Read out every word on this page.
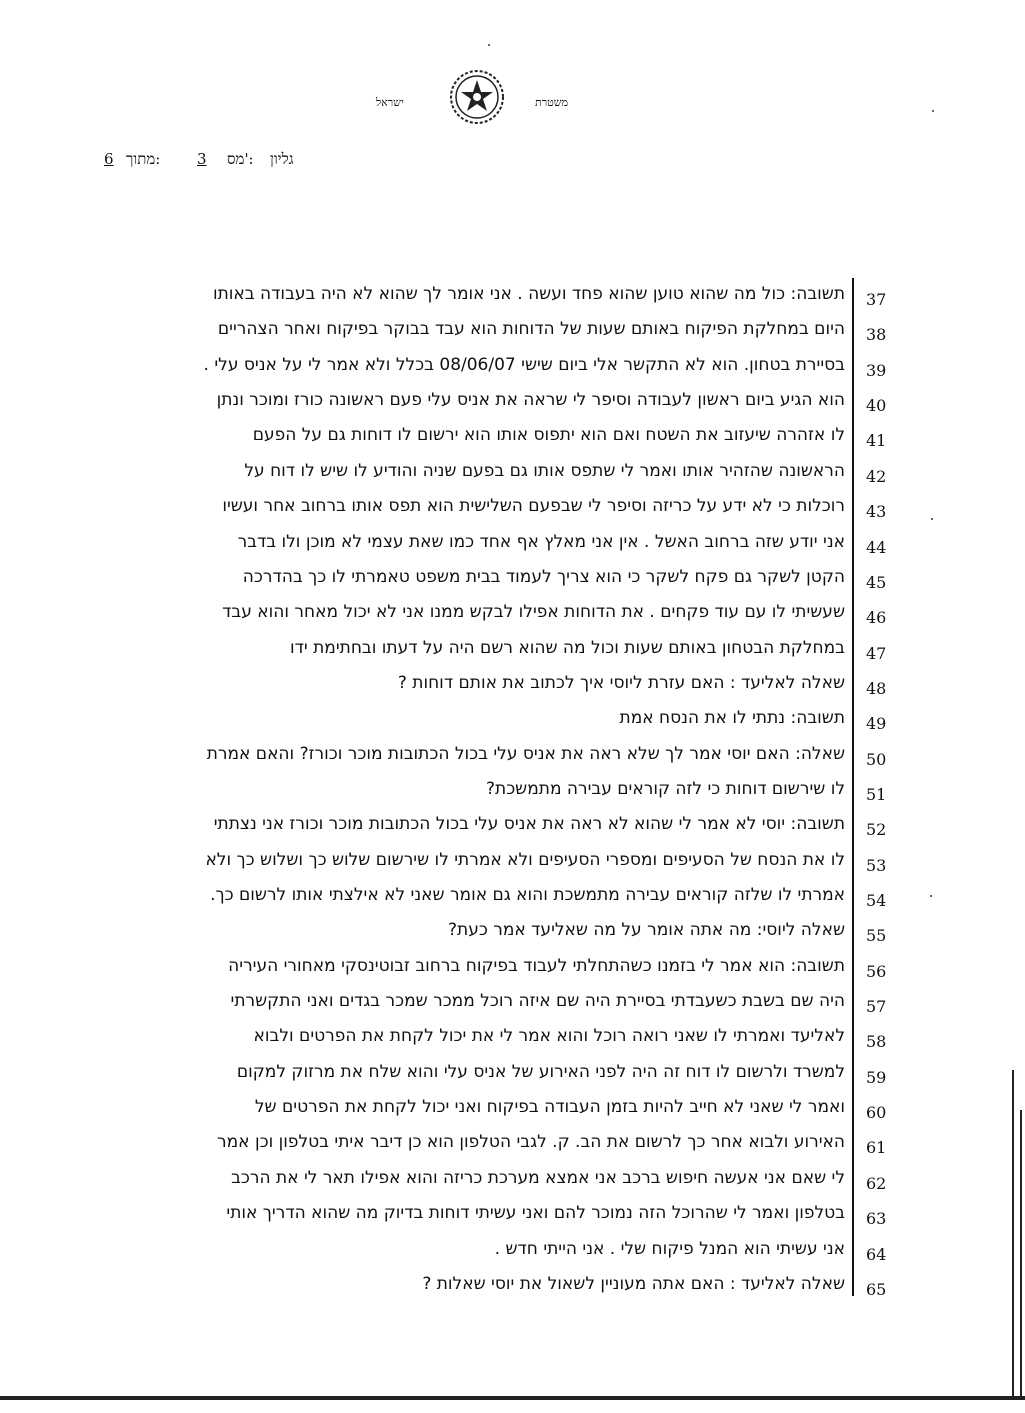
משטרת
ישראל
גליון
מס':
3
מתוך:
6
37
תשובה: כול מה שהוא טוען שהוא פחד ועשה . אני אומר לך שהוא לא היה בעבודה באותו
38
היום במחלקת הפיקוח באותם שעות של הדוחות הוא עבד בבוקר בפיקוח ואחר הצהריים
39
בסיירת בטחון. הוא לא התקשר אלי ביום שישי 08/06/07 בכלל ולא אמר לי על אניס עלי .
40
הוא הגיע ביום ראשון לעבודה וסיפר לי שראה את אניס עלי פעם ראשונה כורז ומוכר ונתן
41
לו אזהרה שיעזוב את השטח ואם הוא יתפוס אותו הוא ירשום לו דוחות גם על הפעם
42
הראשונה שהזהיר אותו ואמר לי שתפס אותו גם בפעם שניה והודיע לו שיש לו דוח על
43
רוכלות כי לא ידע על כריזה וסיפר לי שבפעם השלישית הוא תפס אותו ברחוב אחר ועשיו
44
אני יודע שזה ברחוב האשל . אין אני מאלץ אף אחד כמו שאת עצמי לא מוכן ולו בדבר
45
הקטן לשקר גם פקח לשקר כי הוא צריך לעמוד בבית משפט טאמרתי לו כך בהדרכה
46
שעשיתי לו עם עוד פקחים . את הדוחות אפילו לבקש ממנו אני לא יכול מאחר והוא עבד
47
במחלקת הבטחון באותם שעות וכול מה שהוא רשם היה על דעתו ובחתימת ידו
48
שאלה לאליעד : האם עזרת ליוסי איך לכתוב את אותם דוחות ?
49
תשובה: נתתי לו את הנסח אמת
50
שאלה: האם יוסי אמר לך שלא ראה את אניס עלי בכול הכתובות מוכר וכורז? והאם אמרת
51
לו שירשום דוחות כי לזה קוראים עבירה מתמשכת?
52
תשובה: יוסי לא אמר לי שהוא לא ראה את אניס עלי בכול הכתובות מוכר וכורז אני נצתתי
53
לו את הנסח של הסעיפים ומספרי הסעיפים ולא אמרתי לו שירשום שלוש כך ושלוש כך ולא
54
אמרתי לו שלזה קוראים עבירה מתמשכת והוא גם אומר שאני לא אילצתי אותו לרשום כך.
55
שאלה ליוסי: מה אתה אומר על מה שאליעד אמר כעת?
56
תשובה: הוא אמר לי בזמנו כשהתחלתי לעבוד בפיקוח ברחוב זבוטינסקי מאחורי העיריה
57
היה שם בשבת כשעבדתי בסיירת היה שם איזה רוכל ממכר שמכר בגדים ואני התקשרתי
58
לאליעד ואמרתי לו שאני רואה רוכל והוא אמר לי את יכול לקחת את הפרטים ולבוא
59
למשרד ולרשום לו דוח זה היה לפני האירוע של אניס עלי והוא שלח את מרזוק למקום
60
ואמר לי שאני לא חייב להיות בזמן העבודה בפיקוח ואני יכול לקחת את הפרטים של
61
האירוע ולבוא אחר כך לרשום את הב. ק. לגבי הטלפון הוא כן דיבר איתי בטלפון וכן אמר
62
לי שאם אני אעשה חיפוש ברכב אני אמצא מערכת כריזה והוא אפילו תאר לי את הרכב
63
בטלפון ואמר לי שהרוכל הזה נמוכר להם ואני עשיתי דוחות בדיוק מה שהוא הדריך אותי
64
אני עשיתי הוא המנל פיקוח שלי . אני הייתי חדש .
65
שאלה לאליעד : האם אתה מעוניין לשאול את יוסי שאלות ?
